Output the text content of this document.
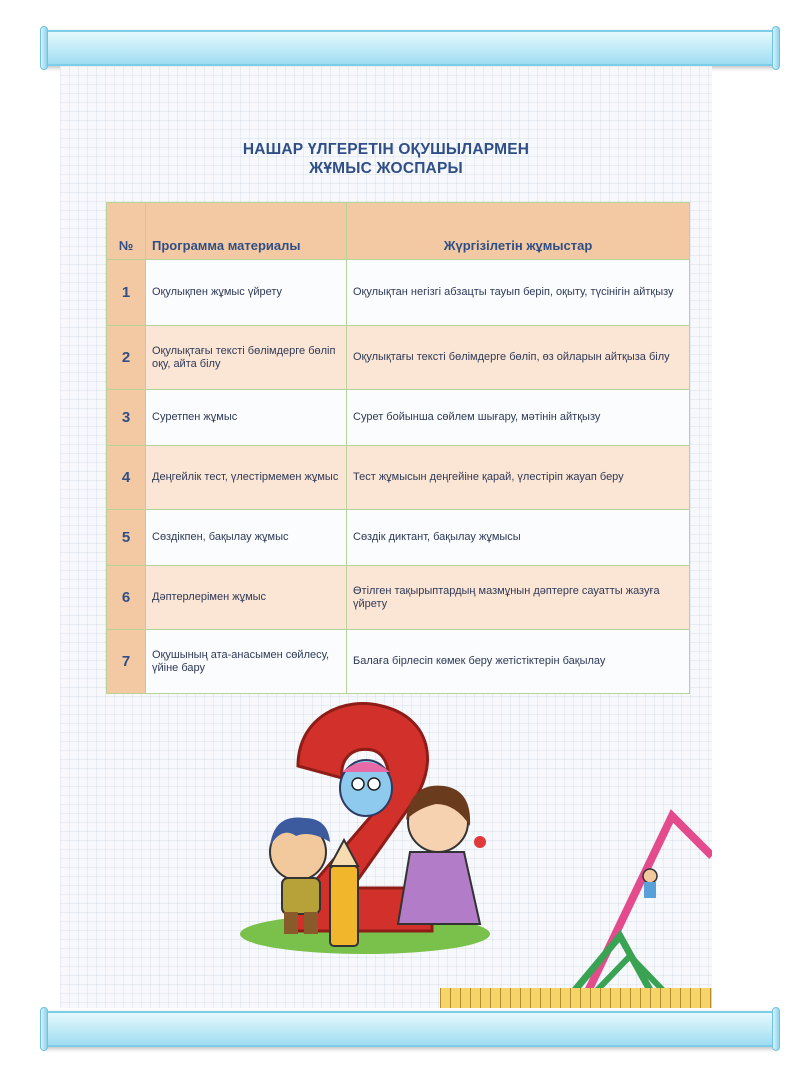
НАШАР ҮЛГЕРЕТІН ОҚУШЫЛАРМЕН
ЖҰМЫС ЖОСПАРЫ
№	Программа материалы	Жүргізілетін жұмыстар
1	Оқулықпен жұмыс үйрету	Оқулықтан негізгі абзацты тауып беріп, оқыту, түсінігін айтқызу

2	Оқулықтағы тексті бөлімдерге бөліп оқу, айта білу	Оқулықтағы тексті бөлімдерге бөліп, өз ойларын айтқыза білу

3	Суретпен жұмыс	Сурет бойынша сөйлем шығару, мәтінін айтқызу

4	Деңгейлік тест, үлестірмемен жұмыс	Тест жұмысын деңгейіне қарай, үлестіріп жауап беру

5	Сөздікпен, бақылау жұмыс	Сөздік диктант, бақылау жұмысы

6	Дәптерлерімен жұмыс	Өтілген тақырыптардың мазмұнын дәптерге сауатты жазуға үйрету

7	Оқушының ата-анасымен сөйлесу, үйіне бару	Балаға бірлесіп көмек беру жетістіктерін бақылау
